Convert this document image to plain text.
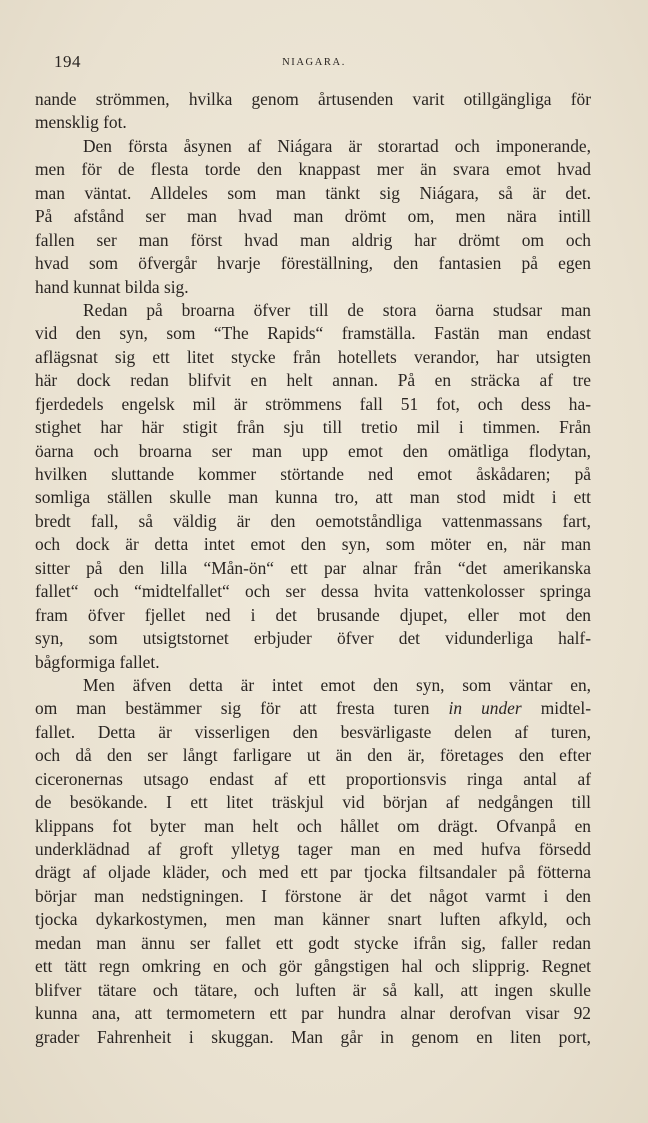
194	NIAGARA.
nande strömmen, hvilka genom årtusenden varit otillgängliga för
mensklig fot.
Den första åsynen af Niágara är storartad och imponerande,
men för de flesta torde den knappast mer än svara emot hvad
man väntat. Alldeles som man tänkt sig Niágara, så är det.
På afstånd ser man hvad man drömt om, men nära intill
fallen ser man först hvad man aldrig har drömt om och
hvad som öfvergår hvarje föreställning, den fantasien på egen
hand kunnat bilda sig.
Redan på broarna öfver till de stora öarna studsar man
vid den syn, som “The Rapids“ framställa. Fastän man endast
aflägsnat sig ett litet stycke från hotellets verandor, har utsigten
här dock redan blifvit en helt annan. På en sträcka af tre
fjerdedels engelsk mil är strömmens fall 51 fot, och dess ha-
stighet har här stigit från sju till tretio mil i timmen. Från
öarna och broarna ser man upp emot den omätliga flodytan,
hvilken sluttande kommer störtande ned emot åskådaren; på
somliga ställen skulle man kunna tro, att man stod midt i ett
bredt fall, så väldig är den oemotståndliga vattenmassans fart,
och dock är detta intet emot den syn, som möter en, när man
sitter på den lilla “Mån-ön“ ett par alnar från “det amerikanska
fallet“ och “midtelfallet“ och ser dessa hvita vattenkolosser springa
fram öfver fjellet ned i det brusande djupet, eller mot den
syn, som utsigtstornet erbjuder öfver det vidunderliga half-
bågformiga fallet.
Men äfven detta är intet emot den syn, som väntar en,
om man bestämmer sig för att fresta turen in under midtel-
fallet. Detta är visserligen den besvärligaste delen af turen,
och då den ser långt farligare ut än den är, företages den efter
ciceronernas utsago endast af ett proportionsvis ringa antal af
de besökande. I ett litet träskjul vid början af nedgången till
klippans fot byter man helt och hållet om drägt. Ofvanpå en
underklädnad af groft ylletyg tager man en med hufva försedd
drägt af oljade kläder, och med ett par tjocka filtsandaler på fötterna
börjar man nedstigningen. I förstone är det något varmt i den
tjocka dykarkostymen, men man känner snart luften afkyld, och
medan man ännu ser fallet ett godt stycke ifrån sig, faller redan
ett tätt regn omkring en och gör gångstigen hal och slipprig. Regnet
blifver tätare och tätare, och luften är så kall, att ingen skulle
kunna ana, att termometern ett par hundra alnar derofvan visar 92
grader Fahrenheit i skuggan. Man går in genom en liten port,
